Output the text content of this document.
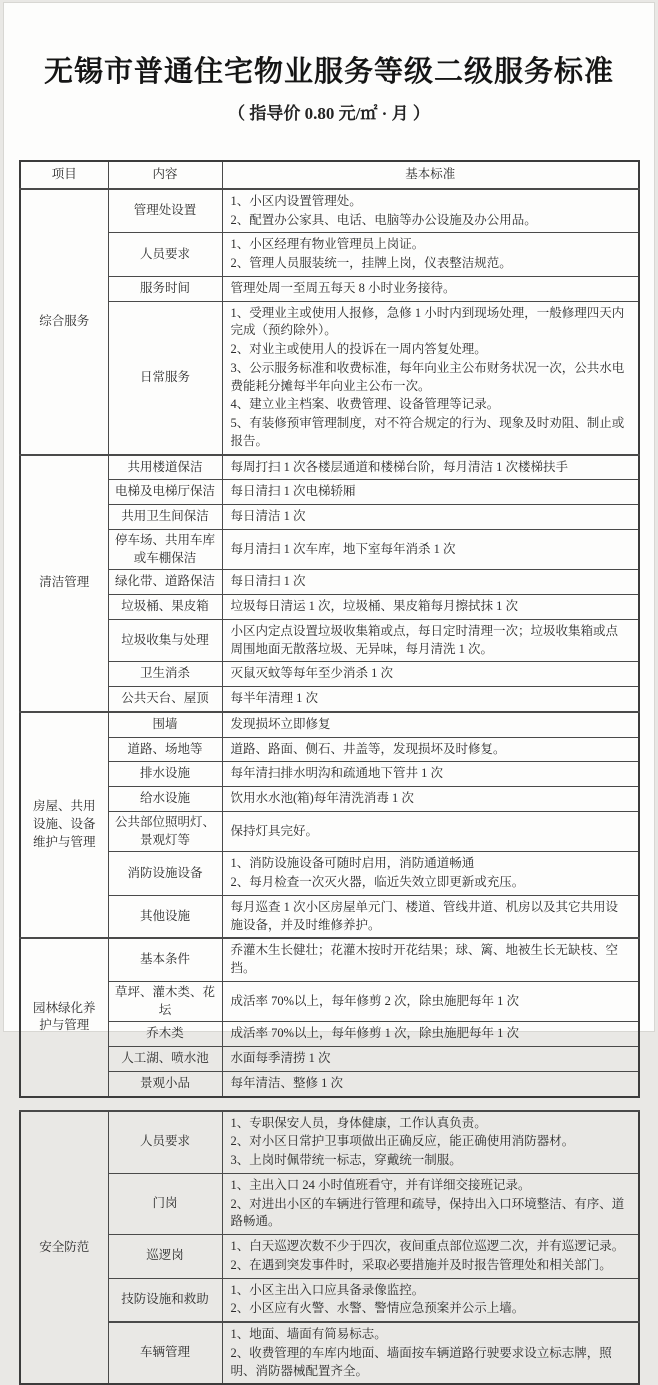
无锡市普通住宅物业服务等级二级服务标准
（ 指导价 0.80 元/㎡ · 月 ）
项目	内容	基本标准
综合服务	管理处设置	1、小区内设置管理处。
2、配置办公家具、电话、电脑等办公设施及办公用品。

	人员要求	1、小区经理有物业管理员上岗证。
2、管理人员服装统一，挂牌上岗，仪表整洁规范。

	服务时间	管理处周一至周五每天 8 小时业务接待。

	日常服务	1、受理业主或使用人报修，急修 1 小时内到现场处理，一般修理四天内完成（预约除外）。
2、对业主或使用人的投诉在一周内答复处理。
3、公示服务标准和收费标准，每年向业主公布财务状况一次，公共水电费能耗分摊每半年向业主公布一次。
4、建立业主档案、收费管理、设备管理等记录。
5、有装修预审管理制度，对不符合规定的行为、现象及时劝阻、制止或报告。

清洁管理	共用楼道保洁	每周打扫 1 次各楼层通道和楼梯台阶，每月清洁 1 次楼梯扶手

	电梯及电梯厅保洁	每日清扫 1 次电梯轿厢

	共用卫生间保洁	每日清洁 1 次

	停车场、共用车库或车棚保洁	每月清扫 1 次车库，地下室每年消杀 1 次

	绿化带、道路保洁	每日清扫 1 次

	垃圾桶、果皮箱	垃圾每日清运 1 次，垃圾桶、果皮箱每月擦拭抹 1 次

	垃圾收集与处理	小区内定点设置垃圾收集箱或点，每日定时清理一次；垃圾收集箱或点周围地面无散落垃圾、无异味，每月清洗 1 次。

	卫生消杀	灭鼠灭蚊等每年至少消杀 1 次

	公共天台、屋顶	每半年清理 1 次

房屋、共用设施、设备维护与管理	围墙	发现损坏立即修复

	道路、场地等	道路、路面、侧石、井盖等，发现损坏及时修复。

	排水设施	每年清扫排水明沟和疏通地下管井 1 次

	给水设施	饮用水水池(箱)每年清洗消毒 1 次

	公共部位照明灯、景观灯等	保持灯具完好。

	消防设施设备	1、消防设施设备可随时启用，消防通道畅通
2、每月检查一次灭火器，临近失效立即更新或充压。

	其他设施	每月巡查 1 次小区房屋单元门、楼道、管线井道、机房以及其它共用设施设备，并及时维修养护。

园林绿化养护与管理	基本条件	乔灌木生长健壮；花灌木按时开花结果；球、篱、地被生长无缺枝、空挡。

	草坪、灌木类、花坛	成活率 70%以上，每年修剪 2 次，除虫施肥每年 1 次

	乔木类	成活率 70%以上，每年修剪 1 次，除虫施肥每年 1 次

	人工湖、喷水池	水面每季清捞 1 次

	景观小品	每年清洁、整修 1 次
安全防范	人员要求	1、专职保安人员，身体健康，工作认真负责。
2、对小区日常护卫事项做出正确反应，能正确使用消防器材。
3、上岗时佩带统一标志，穿戴统一制服。

	门岗	1、主出入口 24 小时值班看守，并有详细交接班记录。
2、对进出小区的车辆进行管理和疏导，保持出入口环境整洁、有序、道路畅通。

	巡逻岗	1、白天巡逻次数不少于四次，夜间重点部位巡逻二次，并有巡逻记录。
2、在遇到突发事件时，采取必要措施并及时报告管理处和相关部门。

	技防设施和救助	1、小区主出入口应具备录像监控。
2、小区应有火警、水警、警情应急预案并公示上墙。

	车辆管理	1、地面、墙面有简易标志。
2、收费管理的车库内地面、墙面按车辆道路行驶要求设立标志牌，照明、消防器械配置齐全。
